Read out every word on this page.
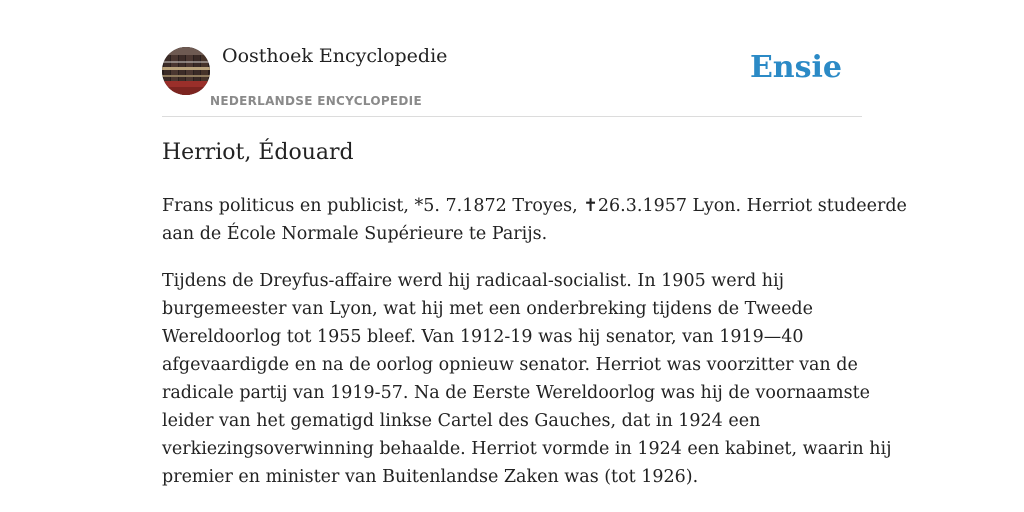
Oosthoek Encyclopedie
NEDERLANDSE ENCYCLOPEDIE
Ensie
Herriot, Édouard

Frans politicus en publicist, *5. 7.1872 Troyes, ✝26.3.1957 Lyon. Herriot studeerde
aan de École Normale Supérieure te Parijs.

Tijdens de Dreyfus-affaire werd hij radicaal-socialist. In 1905 werd hij
burgemeester van Lyon, wat hij met een onderbreking tijdens de Tweede
Wereldoorlog tot 1955 bleef. Van 1912-19 was hij senator, van 1919—40
afgevaardigde en na de oorlog opnieuw senator. Herriot was voorzitter van de
radicale partij van 1919-57. Na de Eerste Wereldoorlog was hij de voornaamste
leider van het gematigd linkse Cartel des Gauches, dat in 1924 een
verkiezingsoverwinning behaalde. Herriot vormde in 1924 een kabinet, waarin hij
premier en minister van Buitenlandse Zaken was (tot 1926).
